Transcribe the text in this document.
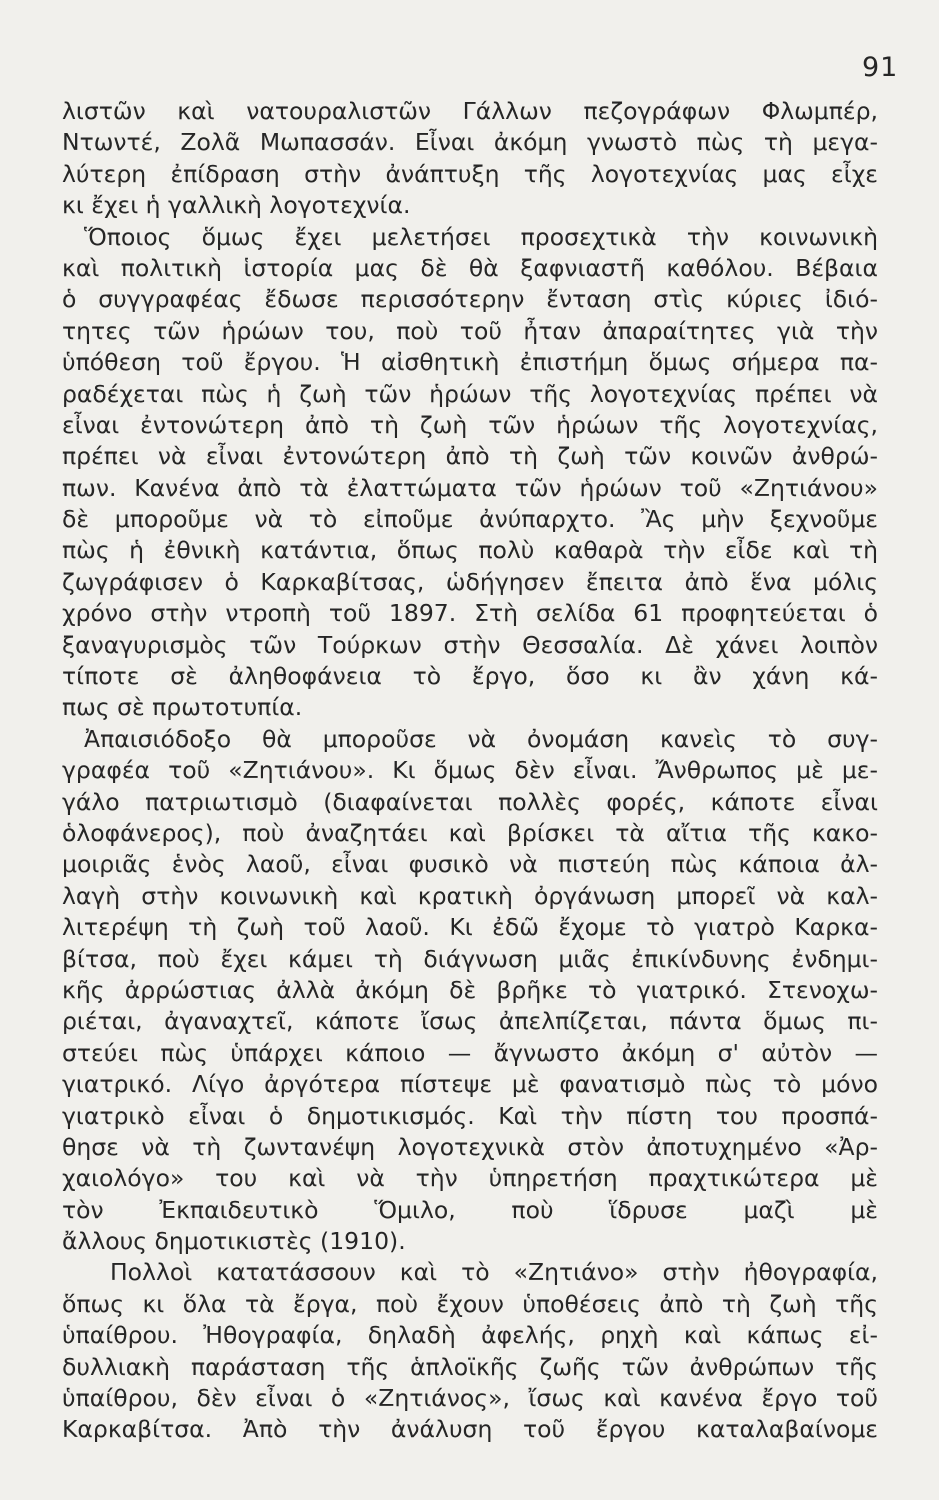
91
λιστῶν καὶ νατουραλιστῶν Γάλλων πεζογράφων Φλωμπέρ,
Ντωντέ, Ζολᾶ Μωπασσάν. Εἶναι ἀκόμη γνωστὸ πὼς τὴ μεγα-
λύτερη ἐπίδραση στὴν ἀνάπτυξη τῆς λογοτεχνίας μας εἶχε
κι ἔχει ἡ γαλλικὴ λογοτεχνία.
Ὅποιος ὅμως ἔχει μελετήσει προσεχτικὰ τὴν κοινωνικὴ
καὶ πολιτικὴ ἱστορία μας δὲ θὰ ξαφνιαστῆ καθόλου. Βέβαια
ὁ συγγραφέας ἔδωσε περισσότερην ἔνταση στὶς κύριες ἰδιό-
τητες τῶν ἡρώων του, ποὺ τοῦ ἦταν ἀπαραίτητες γιὰ τὴν
ὑπόθεση τοῦ ἔργου. Ἡ αἰσθητικὴ ἐπιστήμη ὅμως σήμερα πα-
ραδέχεται πὼς ἡ ζωὴ τῶν ἡρώων τῆς λογοτεχνίας πρέπει νὰ
εἶναι ἐντονώτερη ἀπὸ τὴ ζωὴ τῶν ἡρώων τῆς λογοτεχνίας,
πρέπει νὰ εἶναι ἐντονώτερη ἀπὸ τὴ ζωὴ τῶν κοινῶν ἀνθρώ-
πων. Κανένα ἀπὸ τὰ ἐλαττώματα τῶν ἡρώων τοῦ «Ζητιάνου»
δὲ μποροῦμε νὰ τὸ εἰποῦμε ἀνύπαρχτο. Ἂς μὴν ξεχνοῦμε
πὼς ἡ ἐθνικὴ κατάντια, ὅπως πολὺ καθαρὰ τὴν εἶδε καὶ τὴ
ζωγράφισεν ὁ Καρκαβίτσας, ὡδήγησεν ἔπειτα ἀπὸ ἕνα μόλις
χρόνο στὴν ντροπὴ τοῦ 1897. Στὴ σελίδα 61 προφητεύεται ὁ
ξαναγυρισμὸς τῶν Τούρκων στὴν Θεσσαλία. Δὲ χάνει λοιπὸν
τίποτε σὲ ἀληθοφάνεια τὸ ἔργο, ὅσο κι ἂν χάνη κά-
πως σὲ πρωτοτυπία.
Ἀπαισιόδοξο θὰ μποροῦσε νὰ ὀνομάση κανεὶς τὸ συγ-
γραφέα τοῦ «Ζητιάνου». Κι ὅμως δὲν εἶναι. Ἄνθρωπος μὲ με-
γάλο πατριωτισμὸ (διαφαίνεται πολλὲς φορές, κάποτε εἶναι
ὁλοφάνερος), ποὺ ἀναζητάει καὶ βρίσκει τὰ αἴτια τῆς κακο-
μοιριᾶς ἑνὸς λαοῦ, εἶναι φυσικὸ νὰ πιστεύη πὼς κάποια ἀλ-
λαγὴ στὴν κοινωνικὴ καὶ κρατικὴ ὀργάνωση μπορεῖ νὰ καλ-
λιτερέψη τὴ ζωὴ τοῦ λαοῦ. Κι ἐδῶ ἔχομε τὸ γιατρὸ Καρκα-
βίτσα, ποὺ ἔχει κάμει τὴ διάγνωση μιᾶς ἐπικίνδυνης ἐνδημι-
κῆς ἀρρώστιας ἀλλὰ ἀκόμη δὲ βρῆκε τὸ γιατρικό. Στενοχω-
ριέται, ἀγαναχτεῖ, κάποτε ἴσως ἀπελπίζεται, πάντα ὅμως πι-
στεύει πὼς ὑπάρχει κάποιο — ἄγνωστο ἀκόμη σ' αὐτὸν —
γιατρικό. Λίγο ἀργότερα πίστεψε μὲ φανατισμὸ πὼς τὸ μόνο
γιατρικὸ εἶναι ὁ δημοτικισμός. Καὶ τὴν πίστη του προσπά-
θησε νὰ τὴ ζωντανέψη λογοτεχνικὰ στὸν ἀποτυχημένο «Ἀρ-
χαιολόγο» του καὶ νὰ τὴν ὑπηρετήση πραχτικώτερα μὲ
τὸν Ἐκπαιδευτικὸ Ὅμιλο, ποὺ ἵδρυσε μαζὶ μὲ
ἄλλους δημοτικιστὲς (1910).
Πολλοὶ κατατάσσουν καὶ τὸ «Ζητιάνο» στὴν ἠθογραφία,
ὅπως κι ὅλα τὰ ἔργα, ποὺ ἔχουν ὑποθέσεις ἀπὸ τὴ ζωὴ τῆς
ὑπαίθρου. Ἠθογραφία, δηλαδὴ ἀφελής, ρηχὴ καὶ κάπως εἰ-
δυλλιακὴ παράσταση τῆς ἁπλοϊκῆς ζωῆς τῶν ἀνθρώπων τῆς
ὑπαίθρου, δὲν εἶναι ὁ «Ζητιάνος», ἴσως καὶ κανένα ἔργο τοῦ
Καρκαβίτσα. Ἀπὸ τὴν ἀνάλυση τοῦ ἔργου καταλαβαίνομε
